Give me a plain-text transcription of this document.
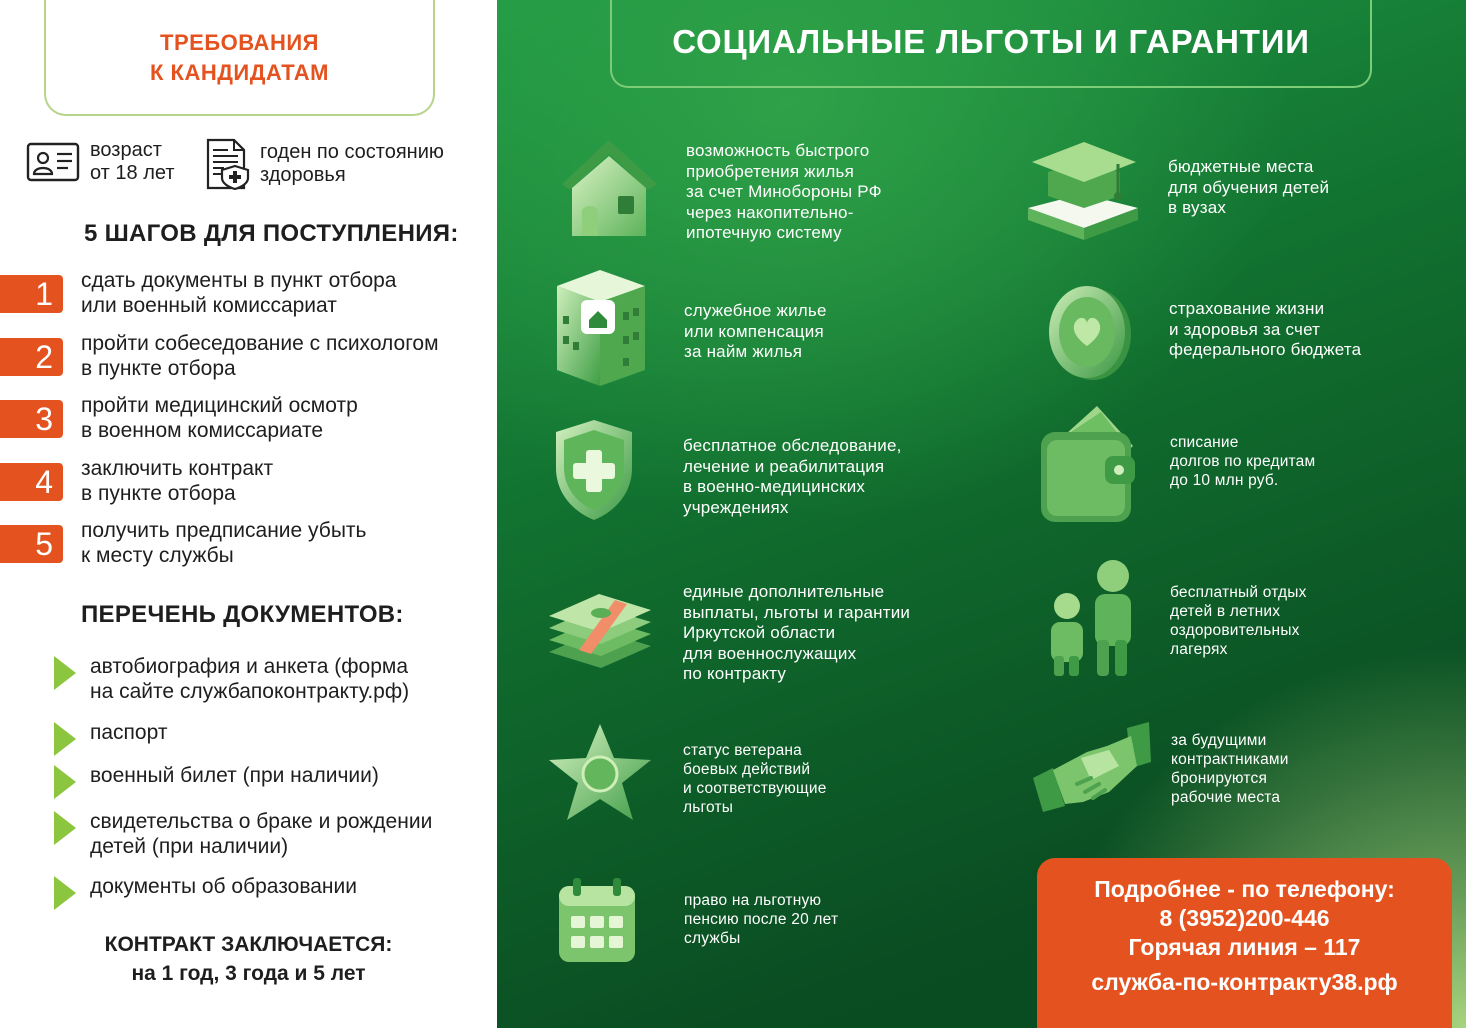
ТРЕБОВАНИЯ
К КАНДИДАТАМ
возраст
от 18 лет
годен по состоянию
здоровья
5 ШАГОВ ДЛЯ ПОСТУПЛЕНИЯ:
1	сдать документы в пункт отбора
или военный комиссариат
2	пройти собеседование с психологом
в пункте отбора
3	пройти медицинский осмотр
в военном комиссариате
4	заключить контракт
в пункте отбора
5	получить предписание убыть
к месту службы
ПЕРЕЧЕНЬ ДОКУМЕНТОВ:
автобиография и анкета (форма
на сайте службапоконтракту.рф)
паспорт
военный билет (при наличии)
свидетельства о браке и рождении
детей (при наличии)
документы об образовании
КОНТРАКТ ЗАКЛЮЧАЕТСЯ:
на 1 год, 3 года и 5 лет
СОЦИАЛЬНЫЕ ЛЬГОТЫ И ГАРАНТИИ
возможность быстрого
приобретения жилья
за счет Минобороны РФ
через накопительно-
ипотечную систему
служебное жилье
или компенсация
за найм жилья
бесплатное обследование,
лечение и реабилитация
в военно-медицинских
учреждениях
единые дополнительные
выплаты, льготы и гарантии
Иркутской области
для военнослужащих
по контракту
статус ветерана
боевых действий
и соответствующие
льготы
право на льготную
пенсию после 20 лет
службы
бюджетные места
для обучения детей
в вузах
страхование жизни
и здоровья за счет
федерального бюджета
списание
долгов по кредитам
до 10 млн руб.
бесплатный отдых
детей в летних
оздоровительных
лагерях
за будущими
контрактниками
бронируются
рабочие места
Подробнее - по телефону:
8 (3952)200-446
Горячая линия – 117
служба-по-контракту38.рф
